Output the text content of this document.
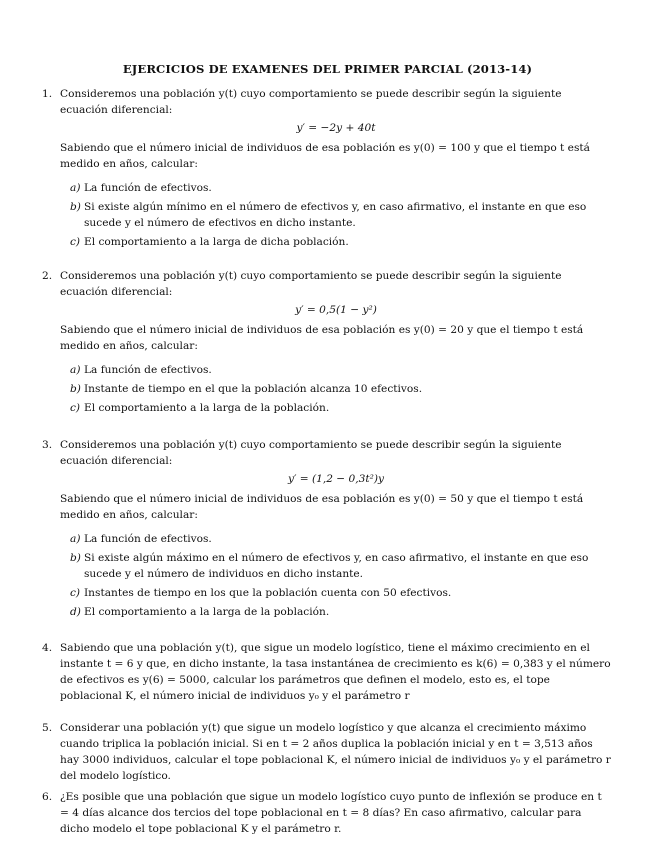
EJERCICIOS DE EXAMENES DEL PRIMER PARCIAL (2013-14)
1. Consideremos una población y(t) cuyo comportamiento se puede describir según la siguiente ecuación diferencial:

y′ = −2y + 40t

Sabiendo que el número inicial de individuos de esa población es y(0) = 100 y que el tiempo t está medido en años, calcular:

a) La función de efectivos.
b) Si existe algún mínimo en el número de efectivos y, en caso afirmativo, el instante en que eso sucede y el número de efectivos en dicho instante.
c) El comportamiento a la larga de dicha población.
2. Consideremos una población y(t) cuyo comportamiento se puede describir según la siguiente ecuación diferencial:

y′ = 0,5(1 − y²)

Sabiendo que el número inicial de individuos de esa población es y(0) = 20 y que el tiempo t está medido en años, calcular:

a) La función de efectivos.
b) Instante de tiempo en el que la población alcanza 10 efectivos.
c) El comportamiento a la larga de la población.
3. Consideremos una población y(t) cuyo comportamiento se puede describir según la siguiente ecuación diferencial:

y′ = (1,2 − 0,3t²)y

Sabiendo que el número inicial de individuos de esa población es y(0) = 50 y que el tiempo t está medido en años, calcular:

a) La función de efectivos.
b) Si existe algún máximo en el número de efectivos y, en caso afirmativo, el instante en que eso sucede y el número de individuos en dicho instante.
c) Instantes de tiempo en los que la población cuenta con 50 efectivos.
d) El comportamiento a la larga de la población.
4. Sabiendo que una población y(t), que sigue un modelo logístico, tiene el máximo crecimiento en el instante t = 6 y que, en dicho instante, la tasa instantánea de crecimiento es k(6) = 0,383 y el número de efectivos es y(6) = 5000, calcular los parámetros que definen el modelo, esto es, el tope poblacional K, el número inicial de individuos y₀ y el parámetro r

5. Considerar una población y(t) que sigue un modelo logístico y que alcanza el crecimiento máximo cuando triplica la población inicial. Si en t = 2 años duplica la población inicial y en t = 3,513 años hay 3000 individuos, calcular el tope poblacional K, el número inicial de individuos y₀ y el parámetro r del modelo logístico.

6. ¿Es posible que una población que sigue un modelo logístico cuyo punto de inflexión se produce en t = 4 días alcance dos tercios del tope poblacional en t = 8 días? En caso afirmativo, calcular para dicho modelo el tope poblacional K y el parámetro r.
